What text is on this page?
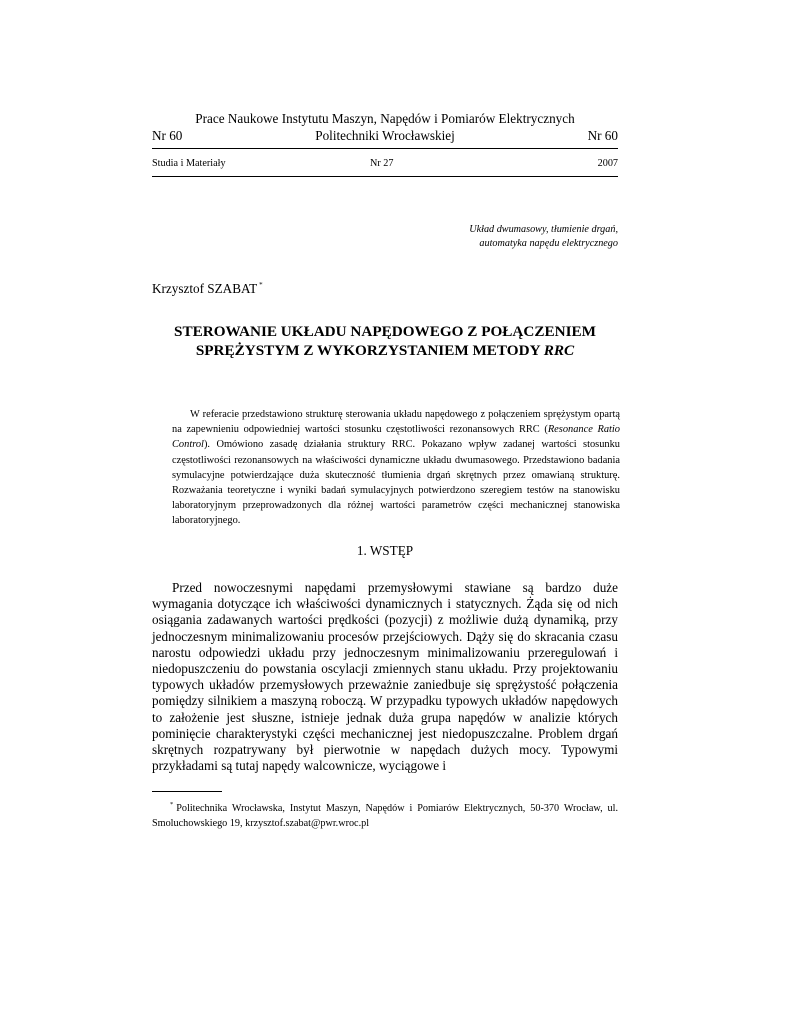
Prace Naukowe Instytutu Maszyn, Napędów i Pomiarów Elektrycznych
Nr 60	Politechniki Wrocławskiej	Nr 60
Studia i Materiały	Nr 27	2007
Układ dwumasowy, tłumienie drgań,
automatyka napędu elektrycznego
Krzysztof SZABAT *
STEROWANIE UKŁADU NAPĘDOWEGO Z POŁĄCZENIEM
SPRĘŻYSTYM Z WYKORZYSTANIEM METODY RRC

W referacie przedstawiono strukturę sterowania układu napędowego z połączeniem sprężystym opartą na zapewnieniu odpowiedniej wartości stosunku częstotliwości rezonansowych RRC (Resonance Ratio Control). Omówiono zasadę działania struktury RRC. Pokazano wpływ zadanej wartości stosunku częstotliwości rezonansowych na właściwości dynamiczne układu dwumasowego. Przedstawiono badania symulacyjne potwierdzające duża skuteczność tłumienia drgań skrętnych przez omawianą strukturę. Rozważania teoretyczne i wyniki badań symulacyjnych potwierdzono szeregiem testów na stanowisku laboratoryjnym przeprowadzonych dla różnej wartości parametrów części mechanicznej stanowiska laboratoryjnego.

1. WSTĘP

Przed nowoczesnymi napędami przemysłowymi stawiane są bardzo duże wymagania dotyczące ich właściwości dynamicznych i statycznych. Żąda się od nich osiągania zadawanych wartości prędkości (pozycji) z możliwie dużą dynamiką, przy jednoczesnym minimalizowaniu procesów przejściowych. Dąży się do skracania czasu narostu odpowiedzi układu przy jednoczesnym minimalizowaniu przeregulowań i niedopuszczeniu do powstania oscylacji zmiennych stanu układu. Przy projektowaniu typowych układów przemysłowych przeważnie zaniedbuje się sprężystość połączenia pomiędzy silnikiem a maszyną roboczą. W przypadku typowych układów napędowych to założenie jest słuszne, istnieje jednak duża grupa napędów w analizie których pominięcie charakterystyki części mechanicznej jest niedopuszczalne. Problem drgań skrętnych rozpatrywany był pierwotnie w napędach dużych mocy. Typowymi przykładami są tutaj napędy walcownicze, wyciągowe i

* Politechnika Wrocławska, Instytut Maszyn, Napędów i Pomiarów Elektrycznych, 50-370 Wrocław, ul. Smoluchowskiego 19, krzysztof.szabat@pwr.wroc.pl
